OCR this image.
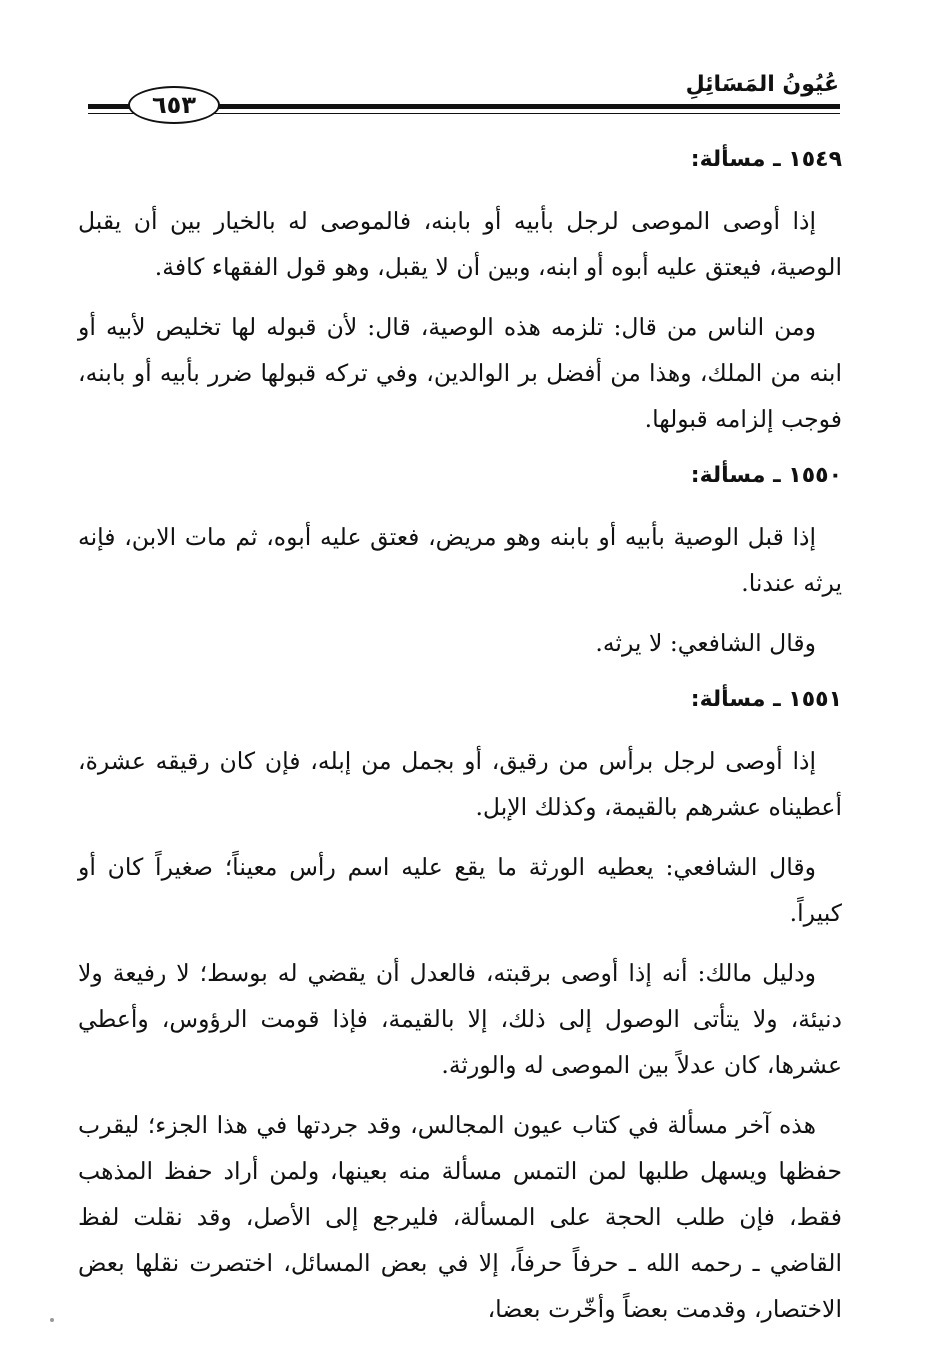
عُيُونُ المَسَائِلِ
٦٥٣
١٥٤٩ ـ مسألة:

إذا أوصى الموصى لرجل بأبيه أو بابنه، فالموصى له بالخيار بين أن يقبل الوصية، فيعتق عليه أبوه أو ابنه، وبين أن لا يقبل، وهو قول الفقهاء كافة.

ومن الناس من قال: تلزمه هذه الوصية، قال: لأن قبوله لها تخليص لأبيه أو ابنه من الملك، وهذا من أفضل بر الوالدين، وفي تركه قبولها ضرر بأبيه أو بابنه، فوجب إلزامه قبولها.

١٥٥٠ ـ مسألة:

إذا قبل الوصية بأبيه أو بابنه وهو مريض، فعتق عليه أبوه، ثم مات الابن، فإنه يرثه عندنا.

وقال الشافعي: لا يرثه.

١٥٥١ ـ مسألة:

إذا أوصى لرجل برأس من رقيق، أو بجمل من إبله، فإن كان رقيقه عشرة، أعطيناه عشرهم بالقيمة، وكذلك الإبل.

وقال الشافعي: يعطيه الورثة ما يقع عليه اسم رأس معيناً؛ صغيراً كان أو كبيراً.

ودليل مالك: أنه إذا أوصى برقبته، فالعدل أن يقضي له بوسط؛ لا رفيعة ولا دنيئة، ولا يتأتى الوصول إلى ذلك، إلا بالقيمة، فإذا قومت الرؤوس، وأعطي عشرها، كان عدلاً بين الموصى له والورثة.

هذه آخر مسألة في كتاب عيون المجالس، وقد جردتها في هذا الجزء؛ ليقرب حفظها ويسهل طلبها لمن التمس مسألة منه بعينها، ولمن أراد حفظ المذهب فقط، فإن طلب الحجة على المسألة، فليرجع إلى الأصل، وقد نقلت لفظ القاضي ـ رحمه الله ـ حرفاً حرفاً، إلا في بعض المسائل، اختصرت نقلها بعض الاختصار، وقدمت بعضاً وأخّرت بعضا،
